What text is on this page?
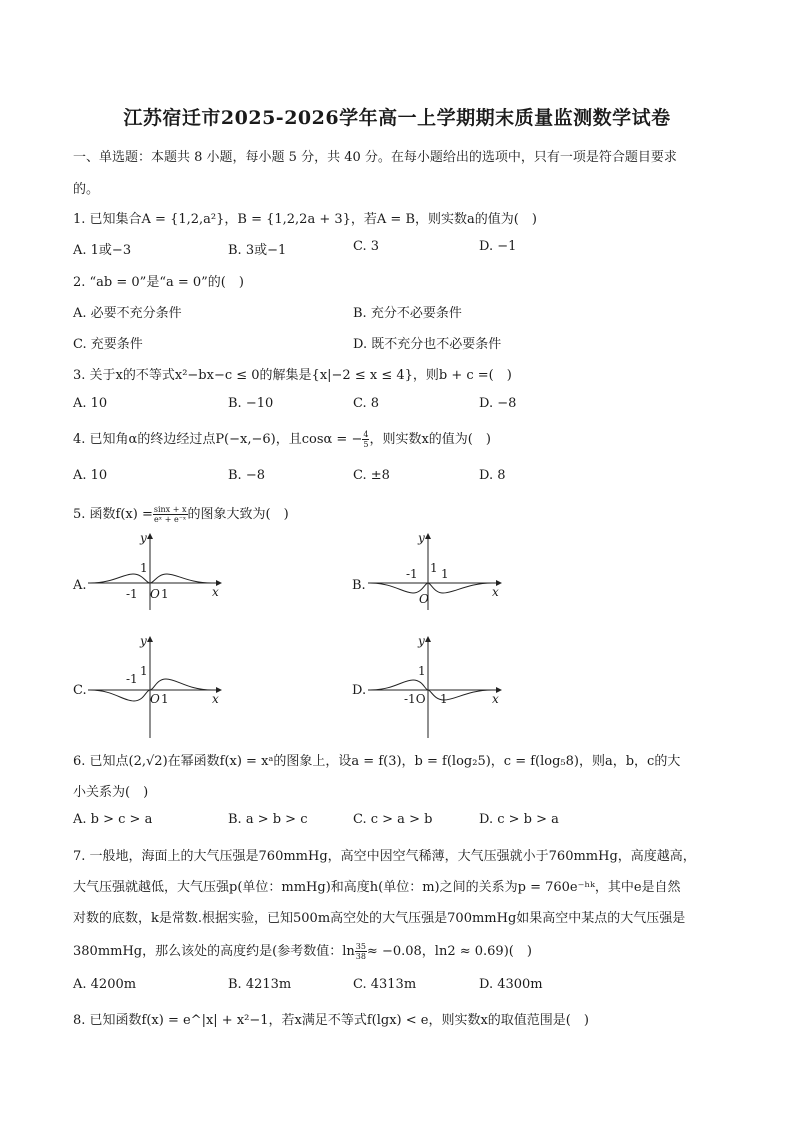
江苏宿迁市2025-2026学年高一上学期期末质量监测数学试卷
一、单选题：本题共 8 小题，每小题 5 分，共 40 分。在每小题给出的选项中，只有一项是符合题目要求
的。
1. 已知集合A = {1,2,a²}，B = {1,2,2a + 3}，若A = B，则实数a的值为(　)
A. 1或−3	B. 3或−1	C. 3	D. −1
2. “ab = 0”是“a = 0”的(　)
A. 必要不充分条件	B. 充分不必要条件
C. 充要条件	D. 既不充分也不必要条件
3. 关于x的不等式x²−bx−c ≤ 0的解集是{x|−2 ≤ x ≤ 4}，则b + c =(　)
A. 10	B. −10	C. 8	D. −8
4. 已知角α的终边经过点P(−x,−6)，且cosα = − $\frac{4}{5}$ ，则实数x的值为(　)
A. 10	B. −8	C. ±8	D. 8
5. 函数$f(x) = \frac{\sin x + x}{\text{eˣ + e⁻ˣ}}$ 的图象大致为(　)
A.	B.
C.	D.
y
1
-1 O 1	x
y
-1 1 1
O	x
y
1
-1
O 1	x
y
1
-1O 1	x
6. 已知点(2,√2)在幂函数f(x) = xᵃ的图象上，设a = f(3)，b = f(log₂5)，c = f(log₅8)，则a，b，c的大
小关系为(　)
A. b > c > a	B. a > b > c	C. c > a > b	D. c > b > a
7. 一般地，海面上的大气压强是760mmHg，高空中因空气稀薄，大气压强就小于760mmHg，高度越高，
大气压强就越低，大气压强p(单位：mmHg)和高度h(单位：m)之间的关系为p = 760e⁻ʰᵏ，其中e是自然
对数的底数，k是常数.根据实验，已知500m高空处的大气压强是700mmHg如果高空中某点的大气压强是
380mmHg，那么该处的高度约是(参考数值：$\ln \frac{35}{38} \approx -0.08$，ln2 ≈ 0.69)(　)
A. 4200m	B. 4213m	C. 4313m	D. 4300m
8. 已知函数f(x) = e^|x| + x²−1，若x满足不等式f(lgx) < e，则实数x的取值范围是(　)
